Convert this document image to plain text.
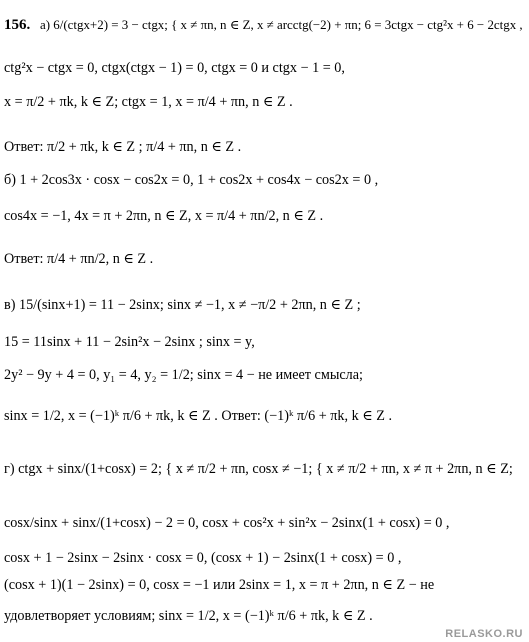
156. а) 6/(ctgx+2) = 3 − ctgx; { x ≠ πn, n ∈ Z, x ≠ arcctg(−2) + πn; 6 = 3ctgx − ctg²x + 6 − 2ctgx ,
ctg²x − ctgx = 0, ctgx(ctgx − 1) = 0, ctgx = 0 и ctgx − 1 = 0,
x = π/2 + πk, k ∈ Z; ctgx = 1, x = π/4 + πn, n ∈ Z .
Ответ: π/2 + πk, k ∈ Z ; π/4 + πn, n ∈ Z .
б) 1 + 2cos3x · cosx − cos2x = 0, 1 + cos2x + cos4x − cos2x = 0 ,
cos4x = −1, 4x = π + 2πn, n ∈ Z, x = π/4 + πn/2, n ∈ Z .
Ответ: π/4 + πn/2, n ∈ Z .
в) 15/(sinx+1) = 11 − 2sinx; sinx ≠ −1, x ≠ −π/2 + 2πn, n ∈ Z ;
15 = 11sinx + 11 − 2sin²x − 2sinx ; sinx = y,
2y² − 9y + 4 = 0, y₁ = 4, y₂ = 1/2; sinx = 4 − не имеет смысла;
sinx = 1/2, x = (−1)ᵏ π/6 + πk, k ∈ Z . Ответ: (−1)ᵏ π/6 + πk, k ∈ Z .
г) ctgx + sinx/(1+cosx) = 2; { x ≠ π/2 + πn, cosx ≠ −1; { x ≠ π/2 + πn, x ≠ π + 2πn, n ∈ Z;
cosx/sinx + sinx/(1+cosx) − 2 = 0, cosx + cos²x + sin²x − 2sinx(1 + cosx) = 0 ,
cosx + 1 − 2sinx − 2sinx · cosx = 0, (cosx + 1) − 2sinx(1 + cosx) = 0 ,
(cosx + 1)(1 − 2sinx) = 0, cosx = −1 или 2sinx = 1, x = π + 2πn, n ∈ Z − не
удовлетворяет условиям; sinx = 1/2, x = (−1)ᵏ π/6 + πk, k ∈ Z .
RELASKO.RU
